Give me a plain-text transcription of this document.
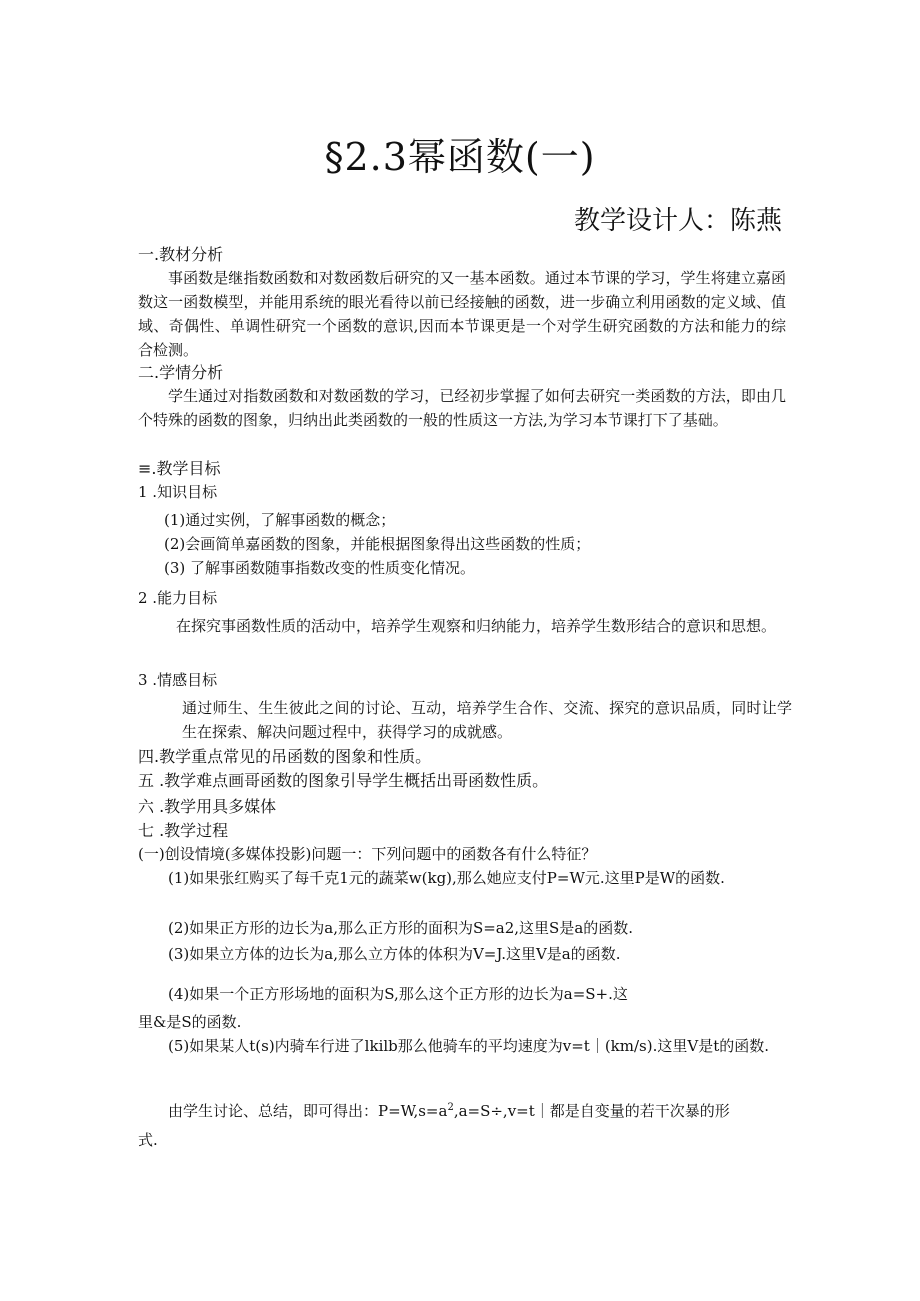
§2.3幂函数(一)
教学设计人：陈燕
一.教材分析
事函数是继指数函数和对数函数后研究的又一基本函数。通过本节课的学习，学生将建立嘉函数这一函数模型，并能用系统的眼光看待以前已经接触的函数，进一步确立利用函数的定义域、值域、奇偶性、单调性研究一个函数的意识,因而本节课更是一个对学生研究函数的方法和能力的综合检测。
二.学情分析
学生通过对指数函数和对数函数的学习，已经初步掌握了如何去研究一类函数的方法，即由几个特殊的函数的图象，归纳出此类函数的一般的性质这一方法,为学习本节课打下了基础。
≡.教学目标
1 .知识目标
(1)通过实例，了解事函数的概念；
(2)会画简单嘉函数的图象，并能根据图象得出这些函数的性质；
(3) 了解事函数随事指数改变的性质变化情况。
2 .能力目标
在探究事函数性质的活动中，培养学生观察和归纳能力，培养学生数形结合的意识和思想。
3 .情感目标
通过师生、生生彼此之间的讨论、互动，培养学生合作、交流、探究的意识品质，同时让学生在探索、解决问题过程中，获得学习的成就感。
四.教学重点常见的吊函数的图象和性质。
五 .教学难点画哥函数的图象引导学生概括出哥函数性质。
六 .教学用具多媒体
七 .教学过程
(一)创设情境(多媒体投影)问题一：下列问题中的函数各有什么特征？
(1)如果张红购买了每千克1元的蔬菜w(kg),那么她应支付P=W元.这里P是W的函数.
(2)如果正方形的边长为a,那么正方形的面积为S=a2,这里S是a的函数.
(3)如果立方体的边长为a,那么立方体的体积为V=J.这里V是a的函数.
(4)如果一个正方形场地的面积为S,那么这个正方形的边长为a=S+.这
里&是S的函数.
(5)如果某人t(s)内骑车行进了lkilb那么他骑车的平均速度为v=t｜(km/s).这里V是t的函数.
由学生讨论、总结，即可得出：$P=W,s=a^2,a=S\div,v=t|$都是自变量的若干次暴的形
式.
